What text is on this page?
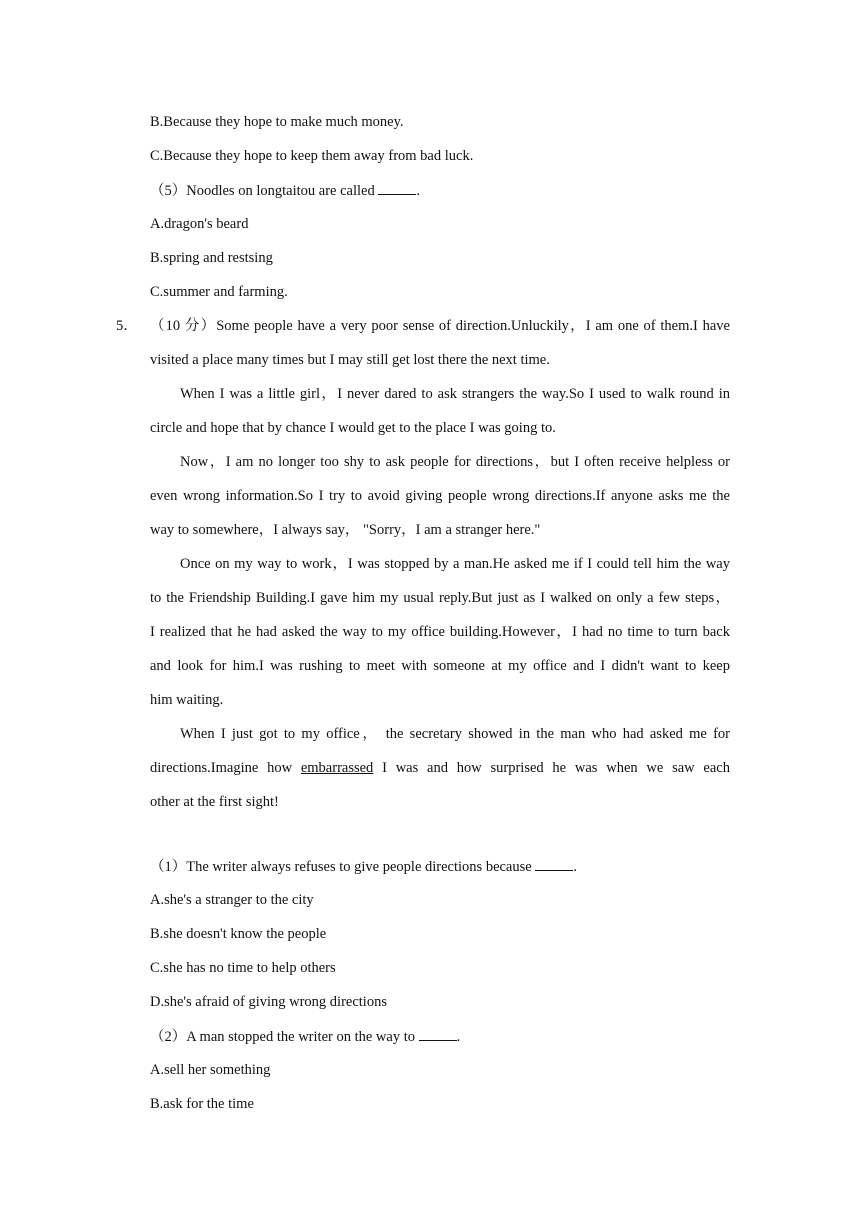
B.Because they hope to make much money.
C.Because they hope to keep them away from bad luck.
（5）Noodles on longtaitou are called	.
A.dragon's beard
B.spring and restsing
C.summer and farming.
5． （10 分）Some people have a very poor sense of direction.Unluckily，I am one of them.I have
visited a place many times but I may still get lost there the next time.
When I was a little girl，I never dared to ask strangers the way.So I used to walk round in
circle and hope that by chance I would get to the place I was going to.
Now，I am no longer too shy to ask people for directions，but I often receive helpless or
even wrong information.So I try to avoid giving people wrong directions.If anyone asks me the
way to somewhere，I always say， "Sorry，I am a stranger here."
Once on my way to work，I was stopped by a man.He asked me if I could tell him the way
to the Friendship Building.I gave him my usual reply.But just as I walked on only a few steps，
I realized that he had asked the way to my office building.However，I had no time to turn back
and look for him.I was rushing to meet with someone at my office and I didn't want to keep
him waiting.
When I just got to my office， the secretary showed in the man who had asked me for
directions.Imagine how embarrassed I was and how surprised he was when we saw each
other at the first sight!
（1）The writer always refuses to give people directions because	.
A.she's a stranger to the city
B.she doesn't know the people
C.she has no time to help others
D.she's afraid of giving wrong directions
（2）A man stopped the writer on the way to	.
A.sell her something
B.ask for the time
